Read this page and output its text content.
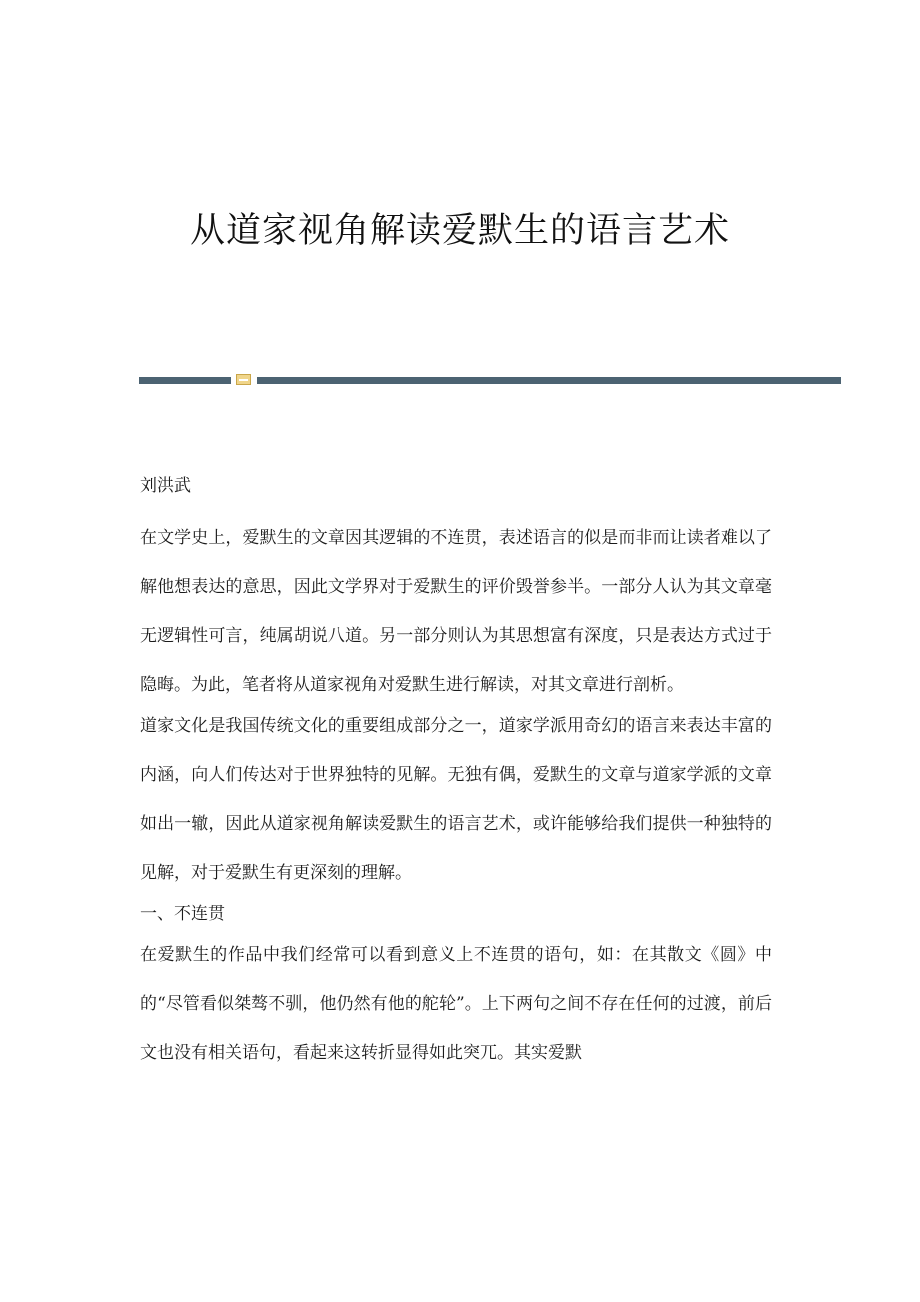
从道家视角解读爱默生的语言艺术

刘洪武

在文学史上，爱默生的文章因其逻辑的不连贯，表述语言的似是而非而让读者难以了解他想表达的意思，因此文学界对于爱默生的评价毁誉参半。一部分人认为其文章毫无逻辑性可言，纯属胡说八道。另一部分则认为其思想富有深度，只是表达方式过于隐晦。为此，笔者将从道家视角对爱默生进行解读，对其文章进行剖析。

道家文化是我国传统文化的重要组成部分之一，道家学派用奇幻的语言来表达丰富的内涵，向人们传达对于世界独特的见解。无独有偶，爱默生的文章与道家学派的文章如出一辙，因此从道家视角解读爱默生的语言艺术，或许能够给我们提供一种独特的见解，对于爱默生有更深刻的理解。

一、不连贯

在爱默生的作品中我们经常可以看到意义上不连贯的语句，如：在其散文《圆》中的“尽管看似桀骜不驯，他仍然有他的舵轮”。上下两句之间不存在任何的过渡，前后文也没有相关语句，看起来这转折显得如此突兀。其实爱默
